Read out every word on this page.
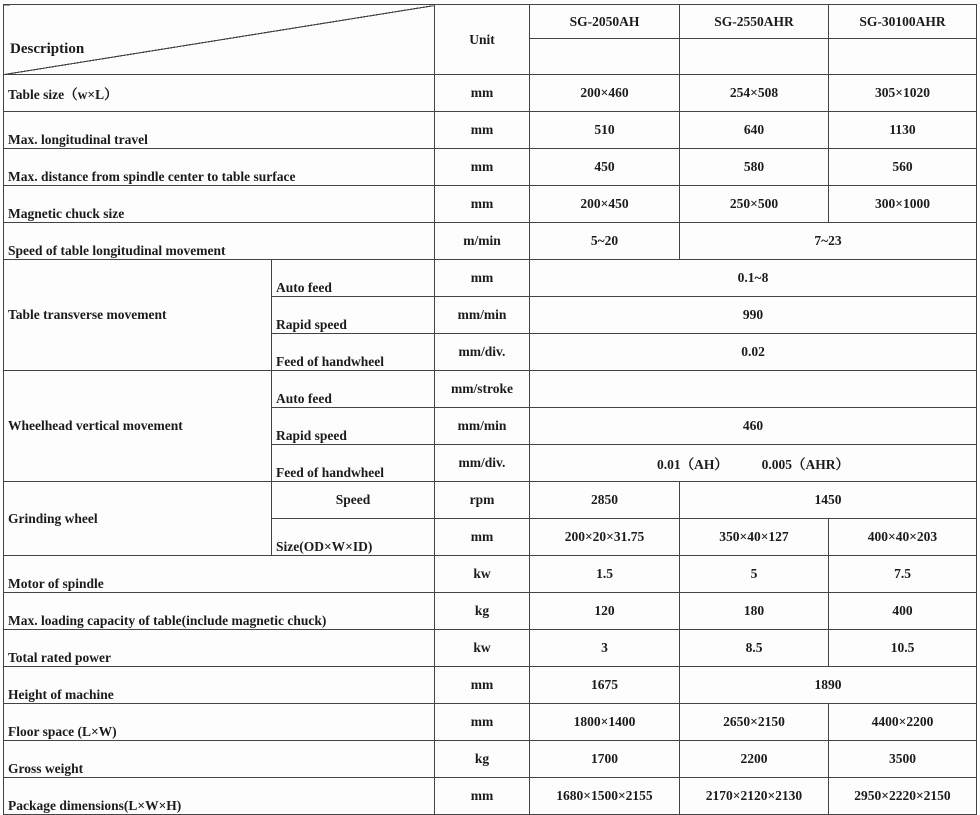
Description		Unit	SG-2050AH	SG-2550AHR	SG-30100AHR

Table size（w×L）		mm	200×460	254×508	305×1020
Max. longitudinal travel		mm	510	640	1130
Max. distance from spindle center to table surface		mm	450	580	560
Magnetic chuck size		mm	200×450	250×500	300×1000
Speed of table longitudinal movement		m/min	5~20	7~23	
Table transverse movement	Auto feed	mm	0.1~8		
	Rapid speed	mm/min	990		
	Feed of handwheel	mm/div.	0.02		
Wheelhead vertical movement	Auto feed	mm/stroke			
	Rapid speed	mm/min	460		
	Feed of handwheel	mm/div.	0.01（AH）　　　0.005（AHR）		
Grinding wheel	Speed	rpm	2850	1450	
	Size(OD×W×ID)	mm	200×20×31.75	350×40×127	400×40×203
Motor of spindle		kw	1.5	5	7.5
Max. loading capacity of table(include magnetic chuck)		kg	120	180	400
Total rated power		kw	3	8.5	10.5
Height of machine		mm	1675	1890	
Floor space (L×W)		mm	1800×1400	2650×2150	4400×2200
Gross weight		kg	1700	2200	3500
Package dimensions(L×W×H)		mm	1680×1500×2155	2170×2120×2130	2950×2220×2150
